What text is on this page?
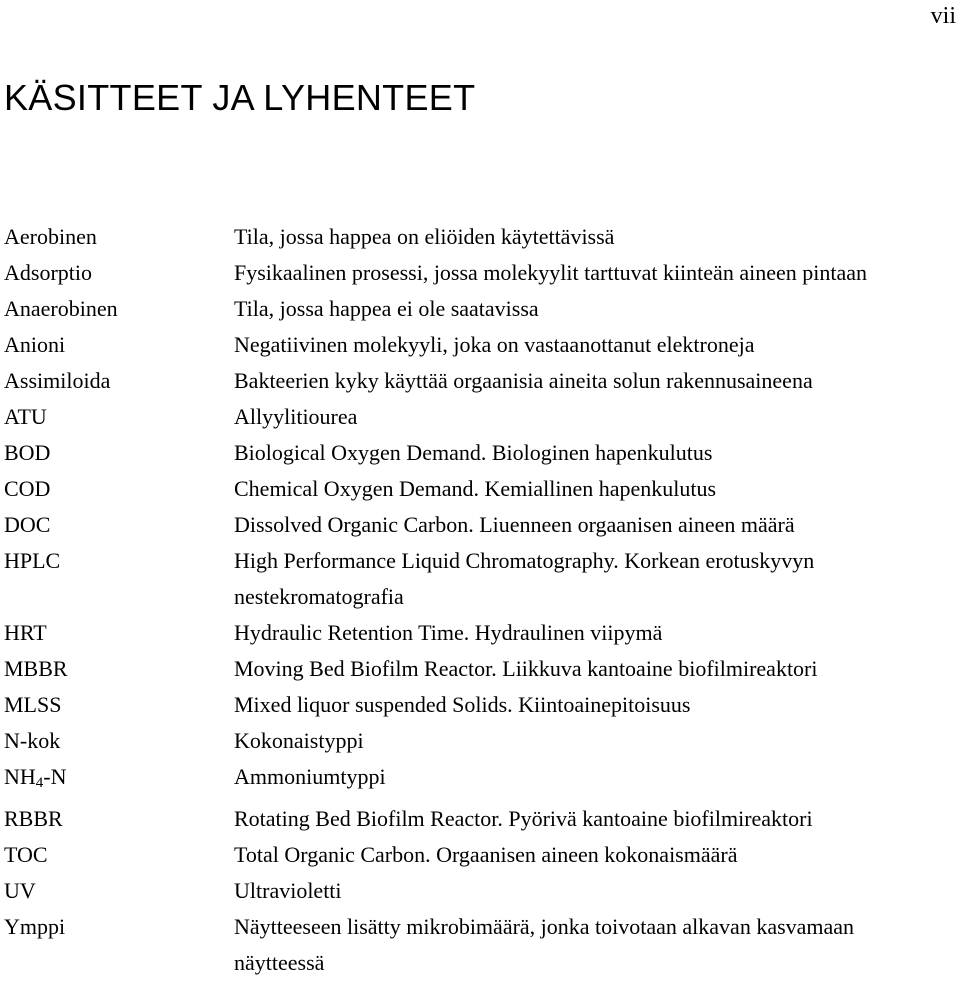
vii
KÄSITTEET JA LYHENTEET
Aerobinen	Tila, jossa happea on eliöiden käytettävissä
Adsorptio	Fysikaalinen prosessi, jossa molekyylit tarttuvat kiinteän aineen pintaan
Anaerobinen	Tila, jossa happea ei ole saatavissa
Anioni	Negatiivinen molekyyli, joka on vastaanottanut elektroneja
Assimiloida	Bakteerien kyky käyttää orgaanisia aineita solun rakennusaineena
ATU	Allyylitiourea
BOD	Biological Oxygen Demand. Biologinen hapenkulutus
COD	Chemical Oxygen Demand. Kemiallinen hapenkulutus
DOC	Dissolved Organic Carbon. Liuenneen orgaanisen aineen määrä
HPLC	High Performance Liquid Chromatography. Korkean erotuskyvyn nestekromatografia
HRT	Hydraulic Retention Time. Hydraulinen viipymä
MBBR	Moving Bed Biofilm Reactor. Liikkuva kantoaine biofilmireaktori
MLSS	Mixed liquor suspended Solids. Kiintoainepitoisuus
N-kok	Kokonaistyppi
$NH_4-N$	Ammoniumtyppi
RBBR	Rotating Bed Biofilm Reactor. Pyörivä kantoaine biofilmireaktori
TOC	Total Organic Carbon. Orgaanisen aineen kokonaismäärä
UV	Ultravioletti
Ymppi	Näytteeseen lisätty mikrobimäärä, jonka toivotaan alkavan kasvamaan näytteessä
